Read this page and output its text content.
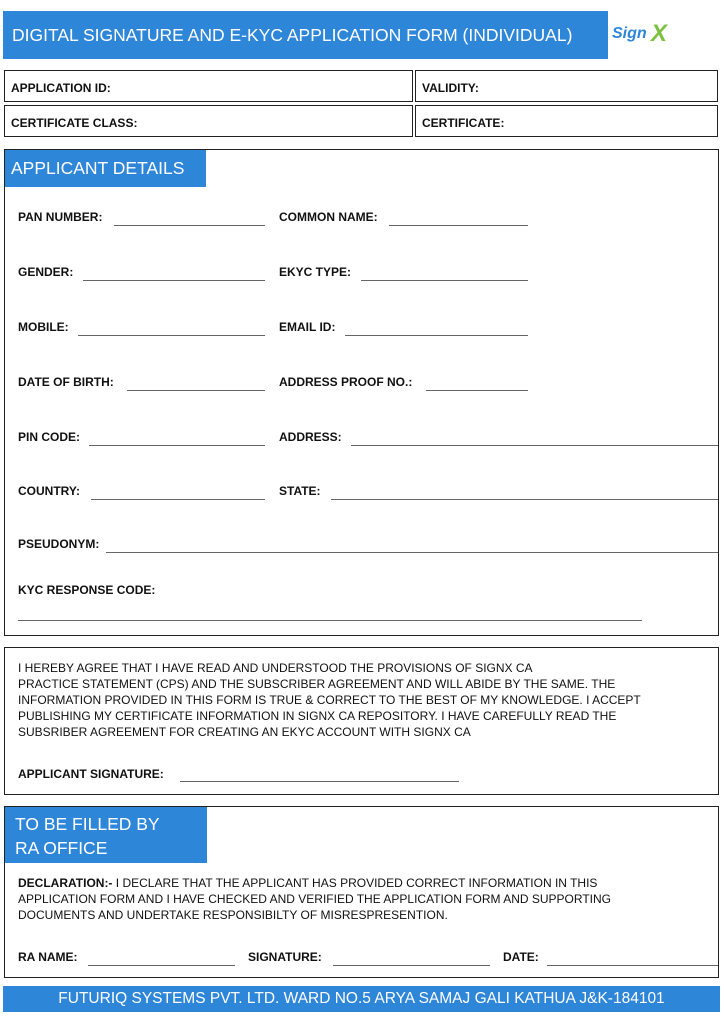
DIGITAL SIGNATURE AND E-KYC APPLICATION FORM (INDIVIDUAL)	Sign X
APPLICATION ID:	VALIDITY:
CERTIFICATE CLASS:	CERTIFICATE:
APPLICANT DETAILS
PAN NUMBER:	COMMON NAME:
GENDER:	EKYC TYPE:
MOBILE:	EMAIL ID:
DATE OF BIRTH:	ADDRESS PROOF NO.:
PIN CODE:	ADDRESS:
COUNTRY:	STATE:
PSEUDONYM:
KYC RESPONSE CODE:
I HEREBY AGREE THAT I HAVE READ AND UNDERSTOOD THE PROVISIONS OF SIGNX CA
PRACTICE STATEMENT (CPS) AND THE SUBSCRIBER AGREEMENT AND WILL ABIDE BY THE SAME. THE
INFORMATION PROVIDED IN THIS FORM IS TRUE & CORRECT TO THE BEST OF MY KNOWLEDGE. I ACCEPT
PUBLISHING MY CERTIFICATE INFORMATION IN SIGNX CA REPOSITORY. I HAVE CAREFULLY READ THE
SUBSRIBER AGREEMENT FOR CREATING AN EKYC ACCOUNT WITH SIGNX CA
APPLICANT SIGNATURE:
TO BE FILLED BY
RA OFFICE
DECLARATION:- I DECLARE THAT THE APPLICANT HAS PROVIDED CORRECT INFORMATION IN THIS
APPLICATION FORM AND I HAVE CHECKED AND VERIFIED THE APPLICATION FORM AND SUPPORTING
DOCUMENTS AND UNDERTAKE RESPONSIBILTY OF MISRESPRESENTION.
RA NAME:	SIGNATURE:	DATE:
FUTURIQ SYSTEMS PVT. LTD. WARD NO.5 ARYA SAMAJ GALI KATHUA J&K-184101
